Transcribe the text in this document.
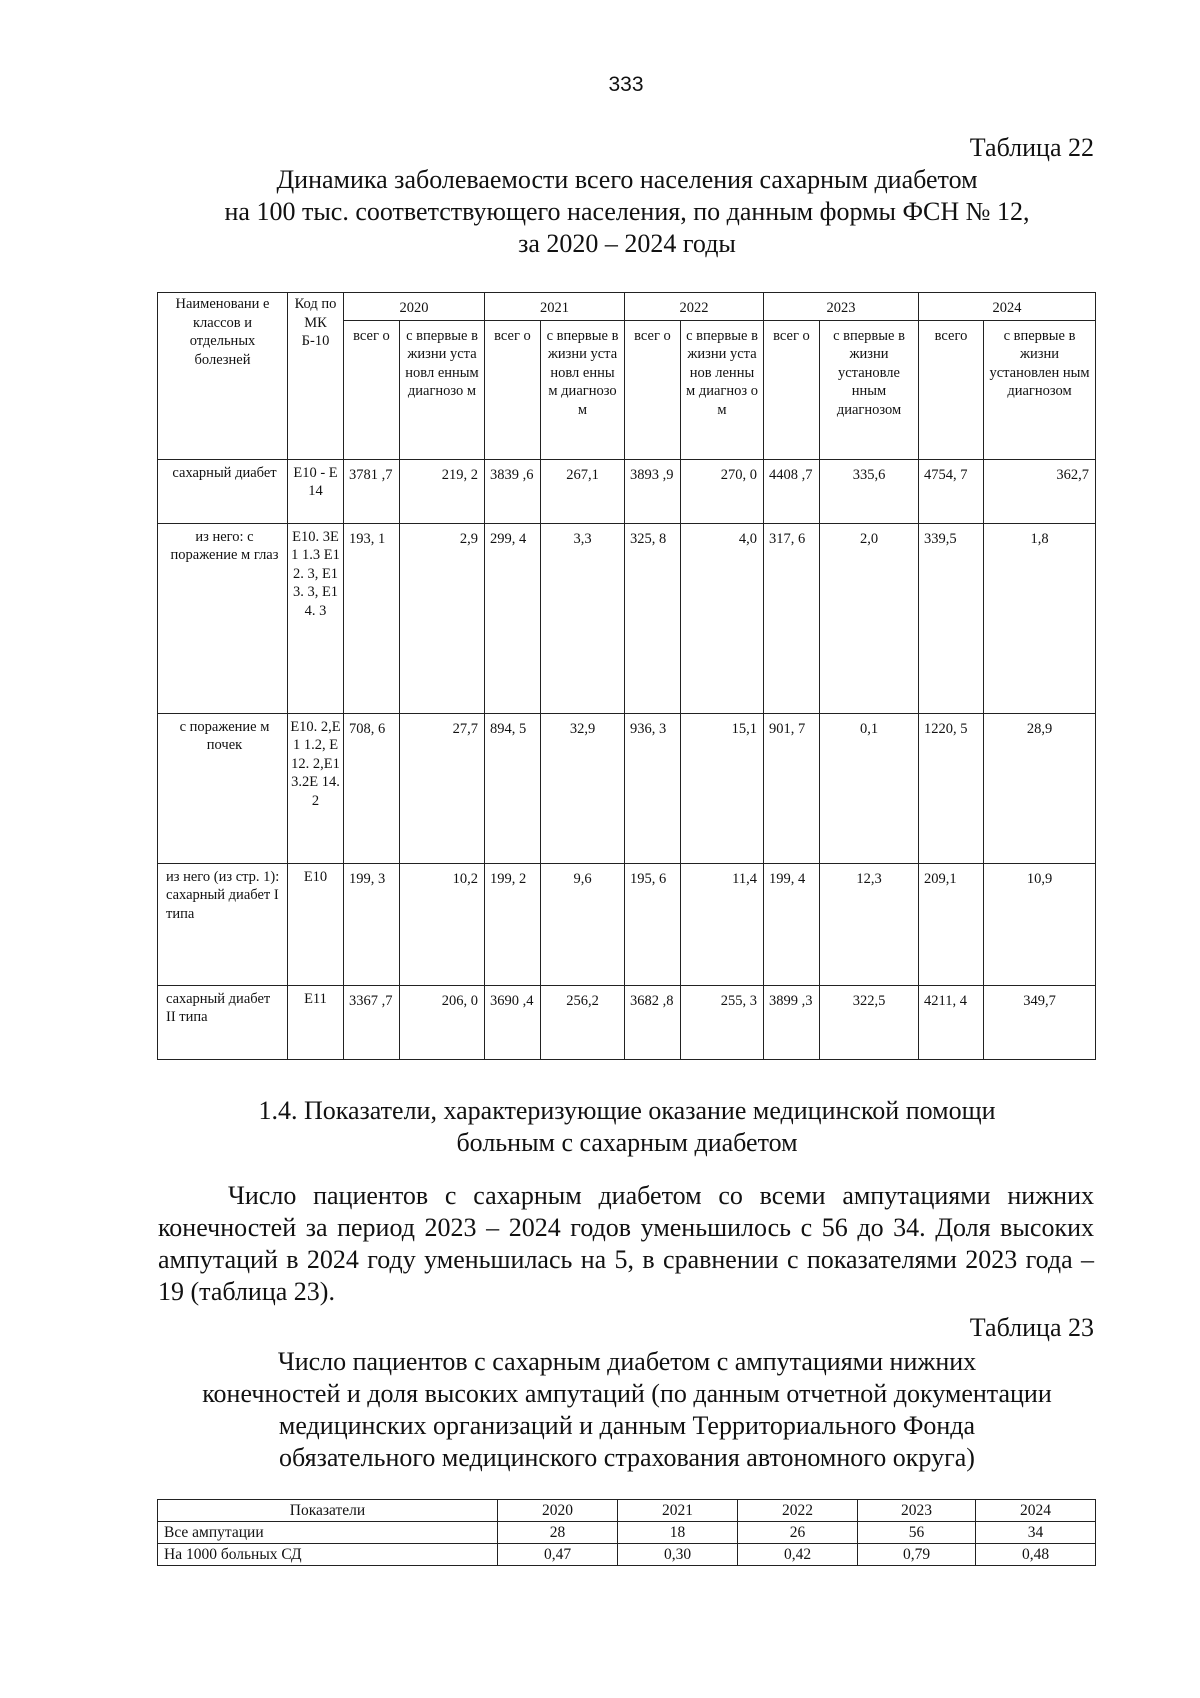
333
Таблица 22
Динамика заболеваемости всего населения сахарным диабетом
на 100 тыс. соответствующего населения, по данным формы ФСН № 12,
за 2020 – 2024 годы
Наименовани е классов и отдельных болезней	Код по МК Б-10	2020		2021		2022		2023		2024	
		всег о	с впервые в жизни установл енным диагнозо м	всег о	с впервые в жизни установл енным диагнозо м	всег о	с впервые в жизни установ ленным диагноз ом	всег о	с впервые в жизни установле нным диагнозом	всего	с впервые в жизни установлен ным диагнозом
сахарный диабет	E10 - E14	3781 ,7	219, 2	3839 ,6	267,1	3893 ,9	270, 0	4408 ,7	335,6	4754, 7	362,7
из него: с поражение м глаз	E10. 3E1 1.3 E12. 3, E13. 3, E14. 3	193, 1	2,9	299, 4	3,3	325, 8	4,0	317, 6	2,0	339,5	1,8
с поражение м почек	E10. 2,E1 1.2, E12. 2,E1 3.2E 14.2	708, 6	27,7	894, 5	32,9	936, 3	15,1	901, 7	0,1	1220, 5	28,9
из него (из стр. 1): сахарный диабет I типа	E10	199, 3	10,2	199, 2	9,6	195, 6	11,4	199, 4	12,3	209,1	10,9
сахарный диабет II типа	E11	3367 ,7	206, 0	3690 ,4	256,2	3682 ,8	255, 3	3899 ,3	322,5	4211, 4	349,7
1.4. Показатели, характеризующие оказание медицинской помощи
больным с сахарным диабетом
Число пациентов с сахарным диабетом со всеми ампутациями нижних конечностей за период 2023 – 2024 годов уменьшилось с 56 до 34. Доля высоких ампутаций в 2024 году уменьшилась на 5, в сравнении с показателями 2023 года – 19 (таблица 23).
Таблица 23
Число пациентов с сахарным диабетом с ампутациями нижних
конечностей и доля высоких ампутаций (по данным отчетной документации
медицинских организаций и данным Территориального Фонда
обязательного медицинского страхования автономного округа)
Показатели	2020	2021	2022	2023	2024
Все ампутации	28	18	26	56	34
На 1000 больных СД	0,47	0,30	0,42	0,79	0,48
